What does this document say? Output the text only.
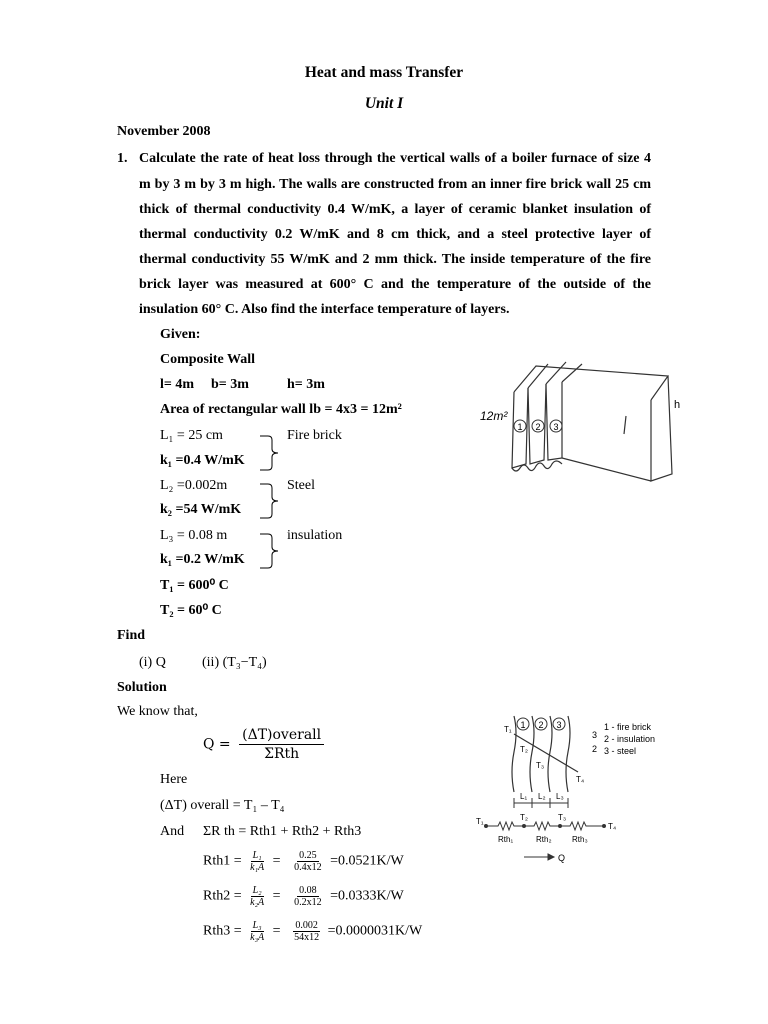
Heat and mass Transfer
Unit I
November 2008
1. Calculate the rate of heat loss through the vertical walls of a boiler furnace of size 4
m by 3 m by 3 m high. The walls are constructed from an inner fire brick wall 25 cm
thick of thermal conductivity 0.4 W/mK, a layer of ceramic blanket insulation of
thermal conductivity 0.2 W/mK and 8 cm thick, and a steel protective layer of
thermal conductivity 55 W/mK and 2 mm thick. The inside temperature of the fire
brick layer was measured at 600° C and the temperature of the outside of the
insulation 60° C. Also find the interface temperature of layers.
Given:
Composite Wall
l= 4m b= 3m	h= 3m
Area of rectangular wall lb = 4x3 = 12m²
L₁ = 25 cm
k₁ =0.4 W/mK
Fire brick
L₂ =0.002m
k₂ =54 W/mK
Steel
L₃ = 0.08 m
k₁ =0.2 W/mK
insulation
T₁ = 600⁰ C
T₂ = 60⁰ C
Find
(i) Q	(ii) (T₃−T₄)
Solution
We know that,
$Q = \frac{\text{(ΔT)overall}}{\text{ΣRth}}$
Here
(ΔT) overall = T₁ – T₄
And ΣR th = Rth1 + Rth2 + Rth3
$Rth1 = \frac{\text{L₁}}{\text{k₁A}} = \frac{0.25}{0.4x12} =0.0521K/W$
$Rth2 = \frac{\text{L₂}}{\text{k₂A}} = \frac{0.08}{0.2x12} =0.0333K/W$
$Rth3 = \frac{\text{L₃}}{\text{k₃A}} = \frac{0.002}{54x12} =0.0000031K/W$
12m²
h
1 2 3
T₁
T₂
T₃
T₄
1 2 3	1 - fire brick
2 - insulation
3 - steel
3
2
L₁ L₂ L₃
T₁	T₂	T₃
T₄
Rth₁	Rth₂	Rth₃
Q
